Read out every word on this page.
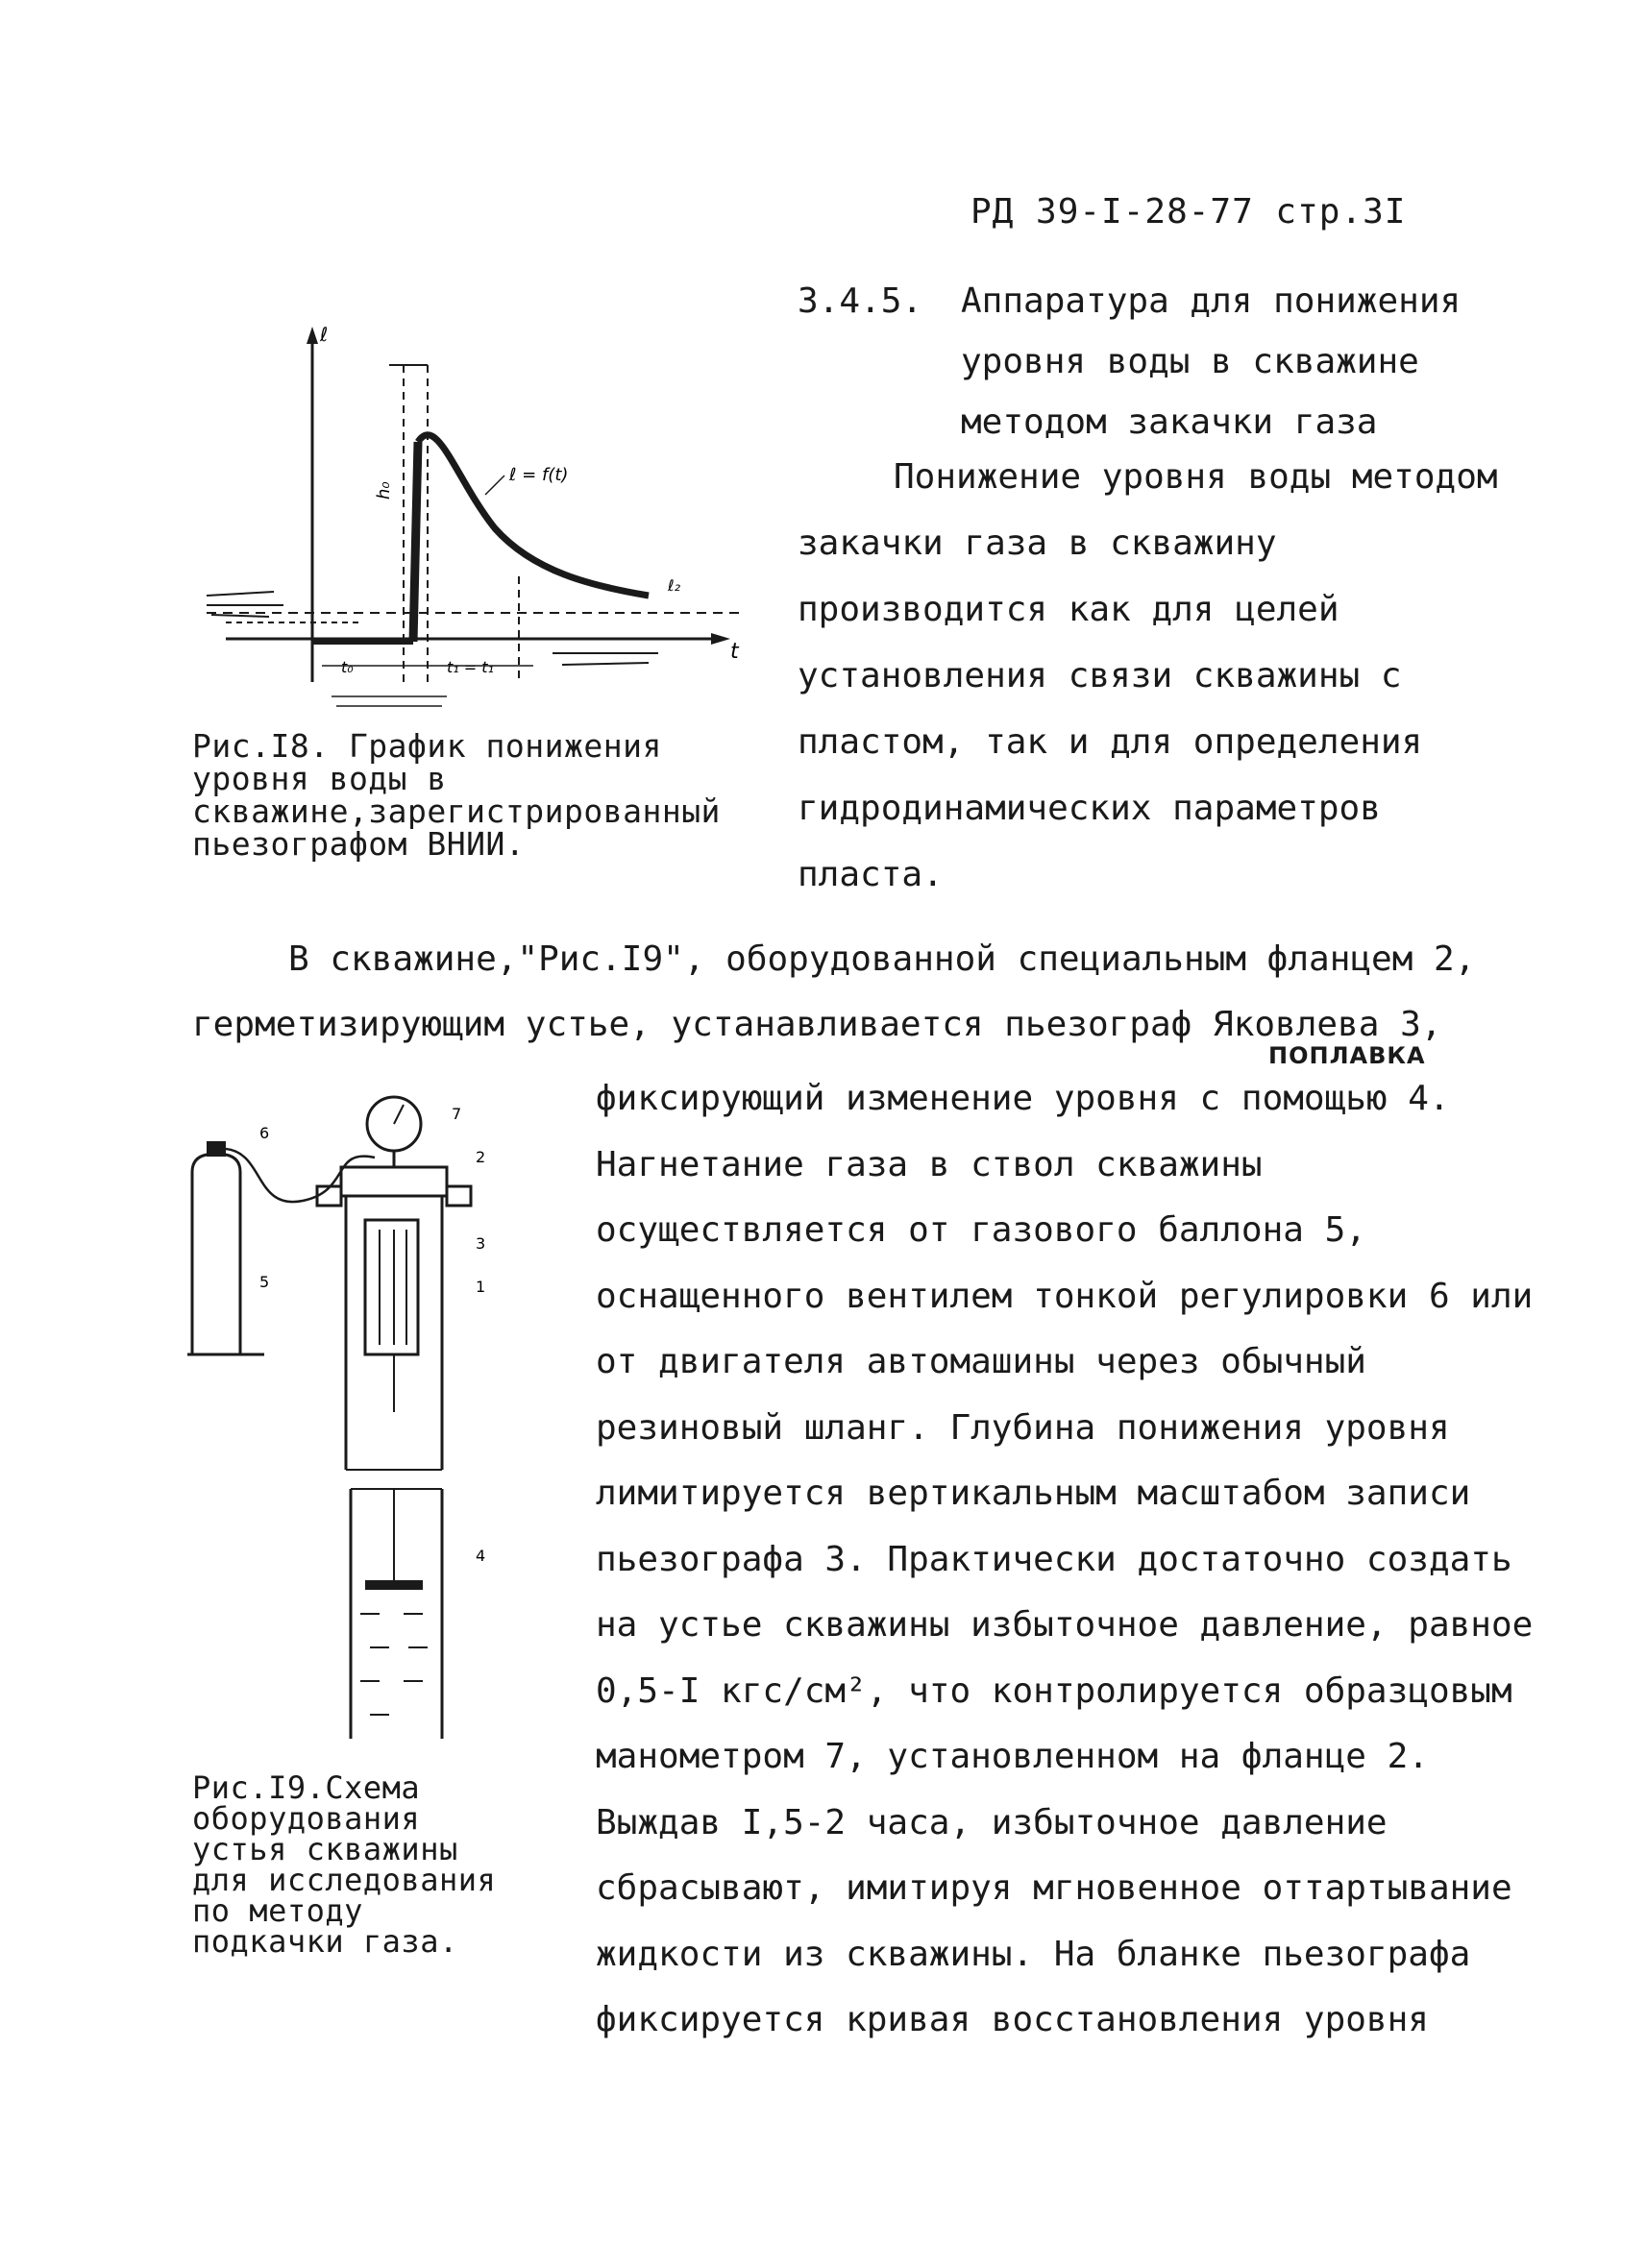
РД 39-I-28-77 стр.3I
3.4.5. Аппаратура для понижения уровня воды в скважине методом закачки газа
Понижение уровня воды методом закачки газа в скважину производится как для целей установления связи скважины с пластом, так и для определения гидродинамических параметров пласта.
ℓ
t
ℓ = f(t)
h₀
ℓ₂
t₀	t₁ = t₁
Рис.I8. График понижения уровня воды в скважине,зарегистрированный пьезографом ВНИИ.
В скважине,"Рис.I9", оборудованной специальным фланцем 2, герметизирующим устье, устанавливается пьезограф Яковлева 3,
ПОПЛАВКА
фиксирующий изменение уровня с помощью 4. Нагнетание газа в ствол скважины осуществляется от газового баллона 5, оснащенного вентилем тонкой регулировки 6 или от двигателя автомашины через обычный резиновый шланг. Глубина понижения уровня лимитируется вертикальным масштабом записи пьезографа 3. Практически достаточно создать на устье скважины избыточное давление, равное 0,5-I кгс/см², что контролируется образцовым манометром 7, установленном на фланце 2. Выждав I,5-2 часа, избыточное давление сбрасывают, имитируя мгновенное оттартывание жидкости из скважины. На бланке пьезографа фиксируется кривая восстановления уровня
6
5
7
2
3
1
4
Рис.I9.Схема оборудования устья скважины для исследования по методу подкачки газа.
